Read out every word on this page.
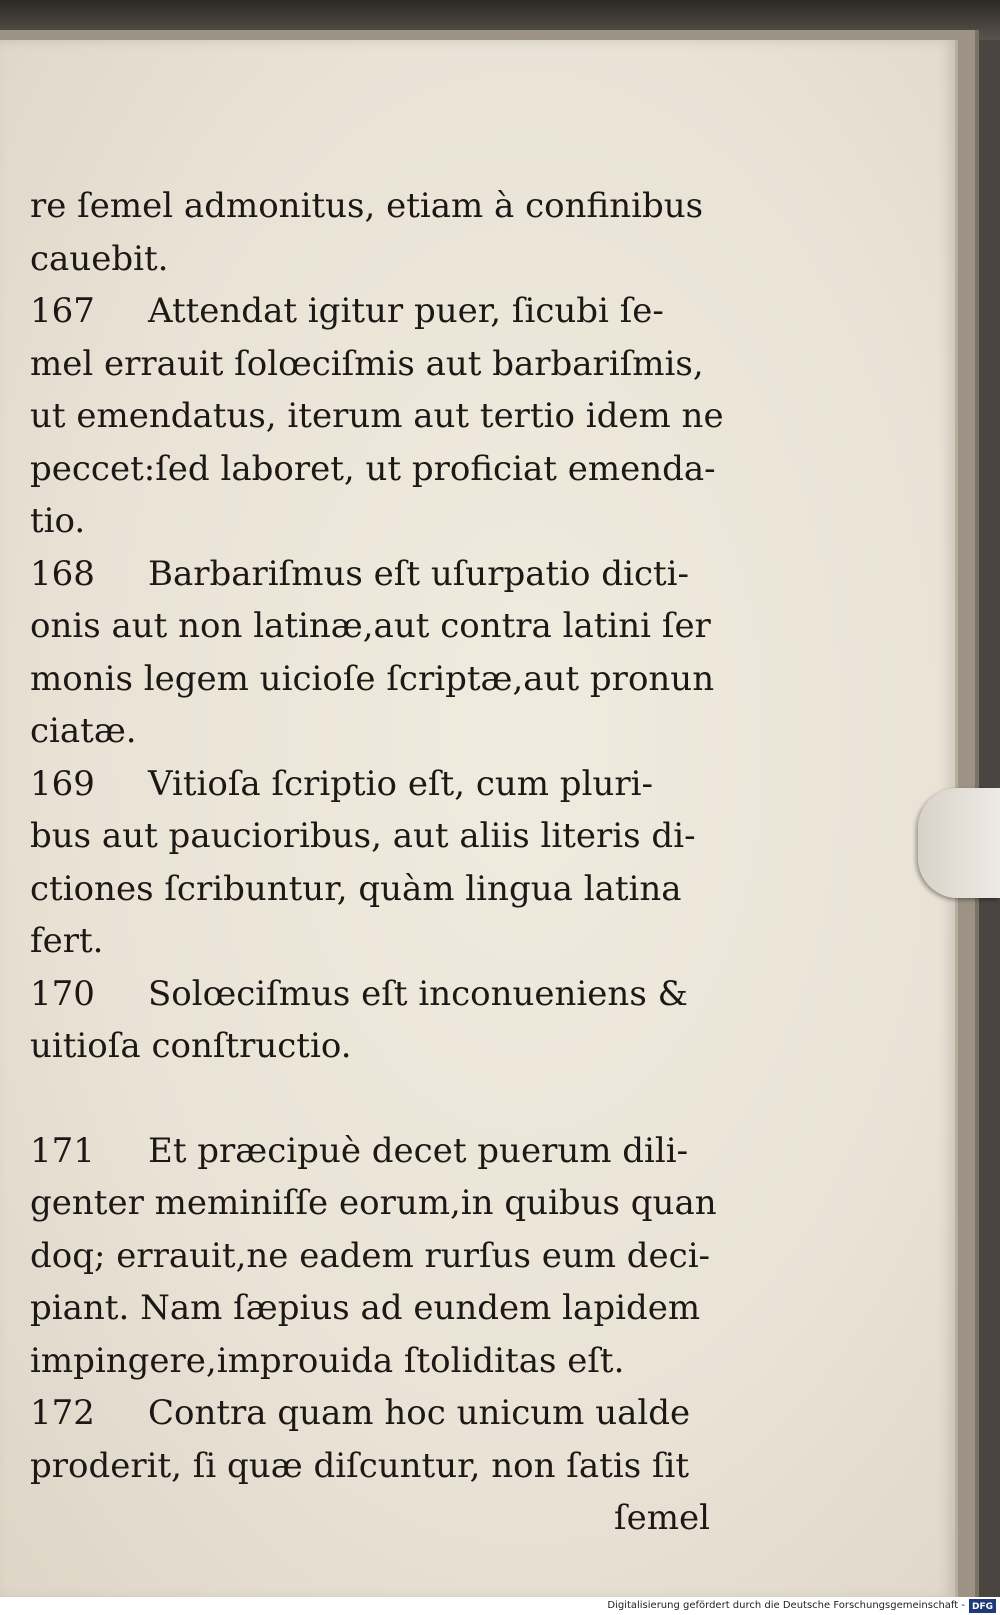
re ſemel admonitus, etiam à confinibus
cauebit.
167 Attendat igitur puer, ſicubi ſe-
mel errauit ſolœciſmis aut barbariſmis,
ut emendatus, iterum aut tertio idem ne
peccet:ſed laboret, ut proficiat emenda-
tio.
168 Barbariſmus eſt uſurpatio dicti-
onis aut non latinæ,aut contra latini ſer
monis legem uicioſe ſcriptæ,aut pronun
ciatæ.
169 Vitioſa ſcriptio eſt, cum pluri-
bus aut paucioribus, aut aliis literis di-
ctiones ſcribuntur, quàm lingua latina
fert.
170 Solœciſmus eſt inconueniens &
uitioſa conſtructio.
171 Et præcipuè decet puerum dili-
genter meminiſſe eorum,in quibus quan
doq; errauit,ne eadem rurſus eum deci-
piant. Nam ſæpius ad eundem lapidem
impingere,improuida ſtoliditas eſt.
172 Contra quam hoc unicum ualde
proderit, ſi quæ diſcuntur, non ſatis ſit
ſemel
Digitalisierung gefördert durch die Deutsche Forschungsgemeinschaft - DFG
